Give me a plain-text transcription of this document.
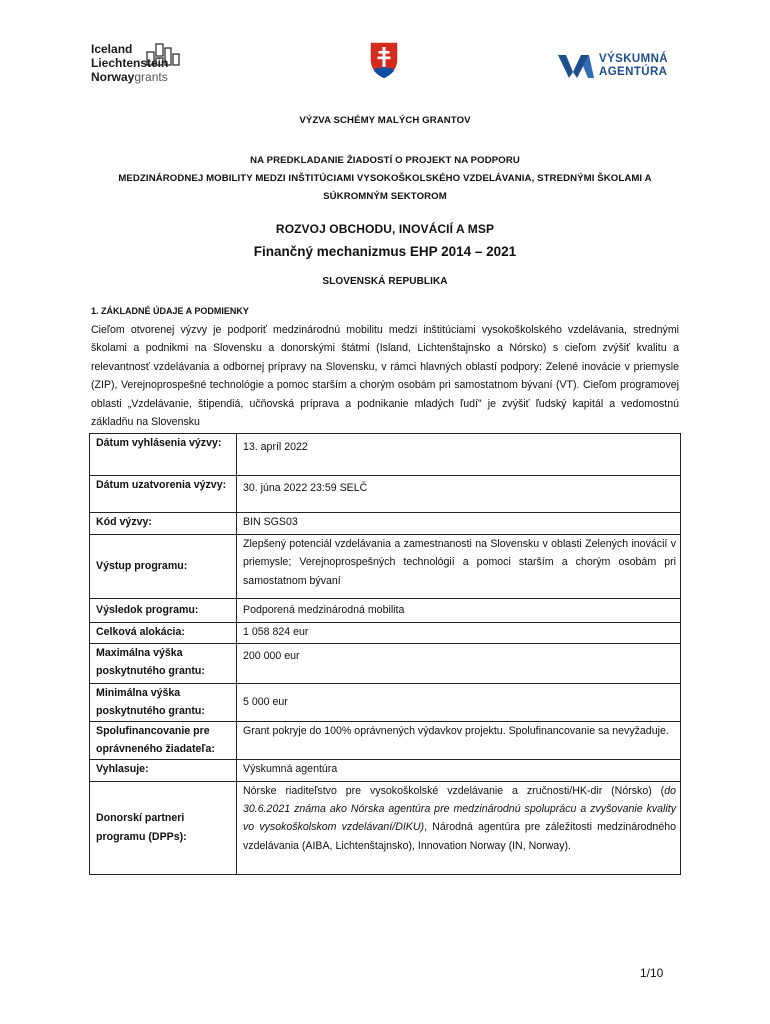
Iceland
Liechtenstein
Norwaygrants
VÝSKUMNÁ
AGENTÚRA
VÝZVA SCHÉMY MALÝCH GRANTOV
NA PREDKLADANIE ŽIADOSTÍ O PROJEKT NA PODPORU
MEDZINÁRODNEJ MOBILITY MEDZI INŠTITÚCIAMI VYSOKOŠKOLSKÉHO VZDELÁVANIA, STREDNÝMI ŠKOLAMI A
SÚKROMNÝM SEKTOROM
ROZVOJ OBCHODU, INOVÁCIÍ A MSP
Finančný mechanizmus EHP 2014 – 2021
SLOVENSKÁ REPUBLIKA
1. ZÁKLADNÉ ÚDAJE A PODMIENKY
Cieľom otvorenej výzvy je podporiť medzinárodnú mobilitu medzi inštitúciami vysokoškolského vzdelávania, strednými školami a podnikmi na Slovensku a donorskými štátmi (Island, Lichtenštajnsko a Nórsko) s cieľom zvýšiť kvalitu a relevantnosť vzdelávania a odbornej prípravy na Slovensku, v rámci hlavných oblastí podpory: Zelené inovácie v priemysle (ZIP), Verejnoprospešné technológie a pomoc starším a chorým osobám pri samostatnom bývaní (VT). Cieľom programovej oblasti „Vzdelávanie, štipendiá, učňovská príprava a podnikanie mladých ľudí" je zvýšiť ľudský kapitál a vedomostnú základňu na Slovensku
Dátum vyhlásenia výzvy:	13. apríl 2022
Dátum uzatvorenia výzvy:	30. júna 2022 23:59 SELČ
Kód výzvy:	BIN SGS03
Výstup programu:	Zlepšený potenciál vzdelávania a zamestnanosti na Slovensku v oblasti Zelených inovácií v priemysle; Verejnoprospešných technológií a pomoci starším a chorým osobám pri samostatnom bývaní
Výsledok programu:	Podporená medzinárodná mobilita
Celková alokácia:	1 058 824 eur
Maximálna výška poskytnutého grantu:	200 000 eur
Minimálna výška poskytnutého grantu:	5 000 eur
Spolufinancovanie pre oprávneného žiadateľa:	Grant pokryje do 100% oprávnených výdavkov projektu. Spolufinancovanie sa nevyžaduje.
Vyhlasuje:	Výskumná agentúra
Donorskí partneri programu (DPPs):	Nórske riaditeľstvo pre vysokoškolské vzdelávanie a zručnosti/HK-dir (Nórsko) (do 30.6.2021 známa ako Nórska agentúra pre medzinárodnú spoluprácu a zvyšovanie kvality vo vysokoškolskom vzdelávaní/DIKU), Národná agentúra pre záležitosti medzinárodného vzdelávania (AIBA, Lichtenštajnsko), Innovation Norway (IN, Norway).
1/10
